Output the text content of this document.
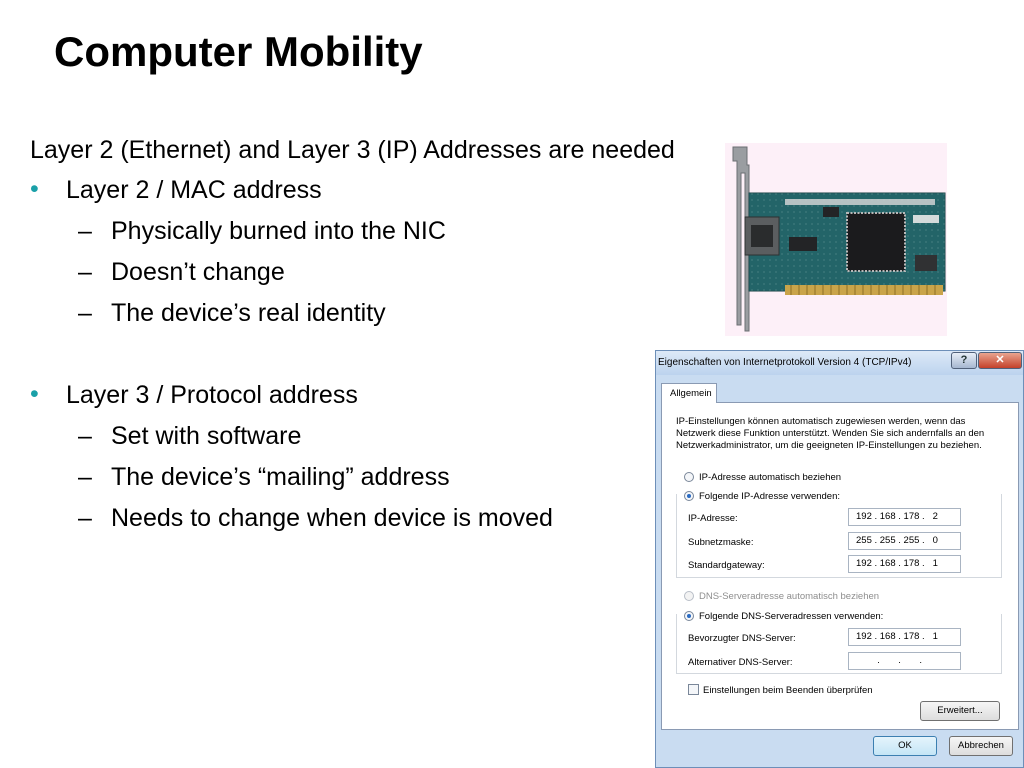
Computer Mobility
Layer 2 (Ethernet) and Layer 3 (IP) Addresses are needed
• Layer 2 / MAC address
– Physically burned into the NIC
– Doesn’t change
– The device’s real identity
• Layer 3 / Protocol address
– Set with software
– The device’s “mailing” address
– Needs to change when device is moved
Eigenschaften von Internetprotokoll Version 4 (TCP/IPv4)	?	✕
Allgemein
IP-Einstellungen können automatisch zugewiesen werden, wenn das Netzwerk diese Funktion unterstützt. Wenden Sie sich andernfalls an den Netzwerkadministrator, um die geeigneten IP-Einstellungen zu beziehen.
IP-Adresse automatisch beziehen
Folgende IP-Adresse verwenden:
IP-Adresse:	192 . 168 . 178 .   2
Subnetzmaske:	255 . 255 . 255 .   0
Standardgateway:	192 . 168 . 178 .   1
DNS-Serveradresse automatisch beziehen
Folgende DNS-Serveradressen verwenden:
Bevorzugter DNS-Server:	192 . 168 . 178 .   1
Alternativer DNS-Server:	.       .       .
Einstellungen beim Beenden überprüfen
Erweitert...
OK	Abbrechen
